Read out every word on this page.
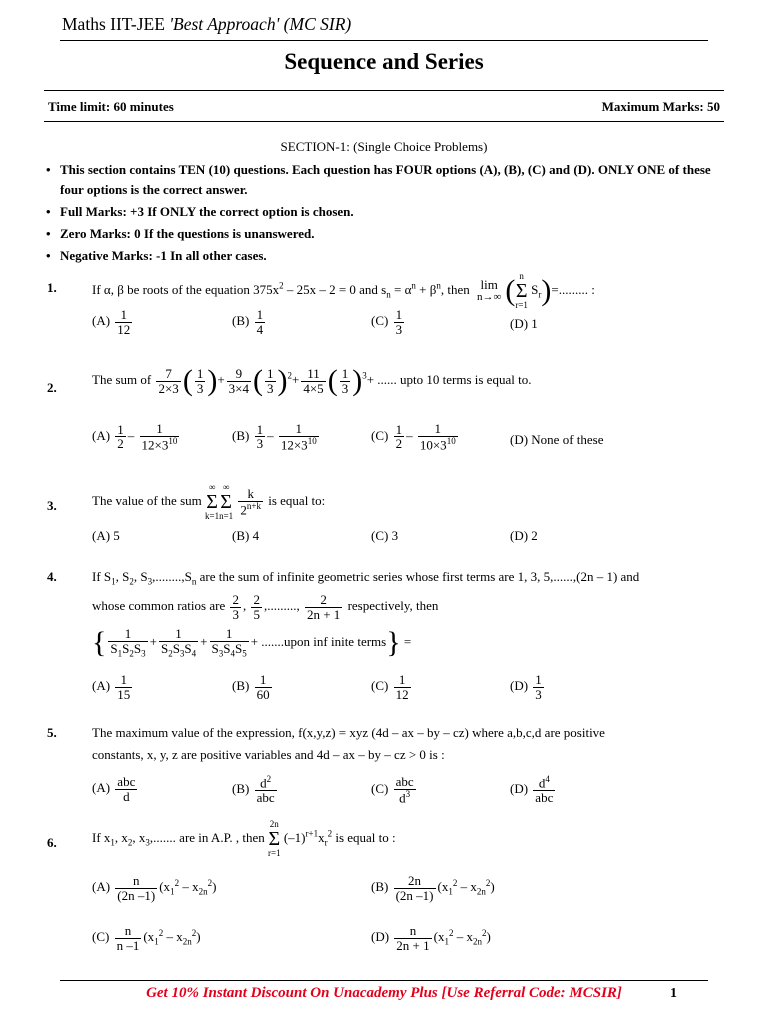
Maths IIT-JEE 'Best Approach' (MC SIR)
Sequence and Series
Time limit: 60 minutes	Maximum Marks: 50
SECTION-1: (Single Choice Problems)
• This section contains TEN (10) questions. Each question has FOUR options (A), (B), (C) and (D). ONLY ONE of these four options is the correct answer.
• Full Marks: +3 If ONLY the correct option is chosen.
• Zero Marks: 0 If the questions is unanswered.
• Negative Marks: -1 In all other cases.
1.	If α, β be roots of the equation $375x^2 - 25x - 2 = 0$ and $s_n = \alpha^n + \beta^n$, then lim
n→∞ ( n
Σ
r=1
$S_r)=$......... :
$(A) \frac{1}{12}$	$(B) \frac{1}{4}$	$(C) \frac{1}{3}$	(D) 1
2.
The sum of $\frac{7}{2\times 3}$ ( $\frac{1}{3}$ )+ $\frac{9}{3\times 4}$ ( $\frac{1}{3} )^2+ \frac{11}{4\times 5}$ ( $\frac{1}{3} )^3+$ ...... upto 10 terms is equal to.
$(A) \frac{1}{2} - \frac{1}{12\times 3^{10}}$	$(B) \frac{1}{3} - \frac{1}{12\times 3^{10}}$	$(C) \frac{1}{2} - \frac{1}{10\times 3^{10}}$	(D) None of these
3.	The value of the sum
∞
Σ
k=1
∞
Σ
n=1
$\frac{k}{2^{n+k}}$ is equal to:
(A) 5	(B) 4	(C) 3	(D) 2
4.	If $S_1$, $S_2$, $S_3,........,S_n$ are the sum of infinite geometric series whose first terms are 1, 3, 5,......,(2n – 1) and
whose common ratios are $\frac{2}{3}$ , $\frac{2}{5}$ ,........., $\frac{2}{2n + 1}$ respectively, then
{ $\frac{1}{S_1S_2S_3} + \frac{1}{S_2S_3S_4} + \frac{1}{S_3S_4S_5}$ + .......upon inf inite terms} =
$(A) \frac{1}{15}$	$(B) \frac{1}{60}$	$(C) \frac{1}{12}$	$(D) \frac{1}{3}$
5.	The maximum value of the expression, f(x,y,z) = xyz (4d – ax – by – cz) where a,b,c,d are positive
constants, x, y, z are positive variables and 4d – ax – by – cz > 0 is :
$(A) \frac{\text{abc}}{d}$	$(B) \frac{d^2}{\text{abc}}$	$(C) \frac{\text{abc}}{d^3}$	$(D) \frac{d^4}{\text{abc}}$
6.	If $x_1$, $x_2$, $x_3$,....... are in A.P. , then
2n
Σ
r=1
$(-1)^{r+1}x_r^2$ is equal to :
$(A) \frac{n}{(2n -1)} (x_1^2 - x_{2n}^2)$	$(B) \frac{2n}{(2n -1)} (x_1^2 - x_{2n}^2)$
$(C) \frac{n}{n -1} (x_1^2 - x_{2n}^2)$	$(D) \frac{n}{2n + 1} (x_1^2 - x_{2n}^2)$
Get 10% Instant Discount On Unacademy Plus [Use Referral Code: MCSIR]	1
